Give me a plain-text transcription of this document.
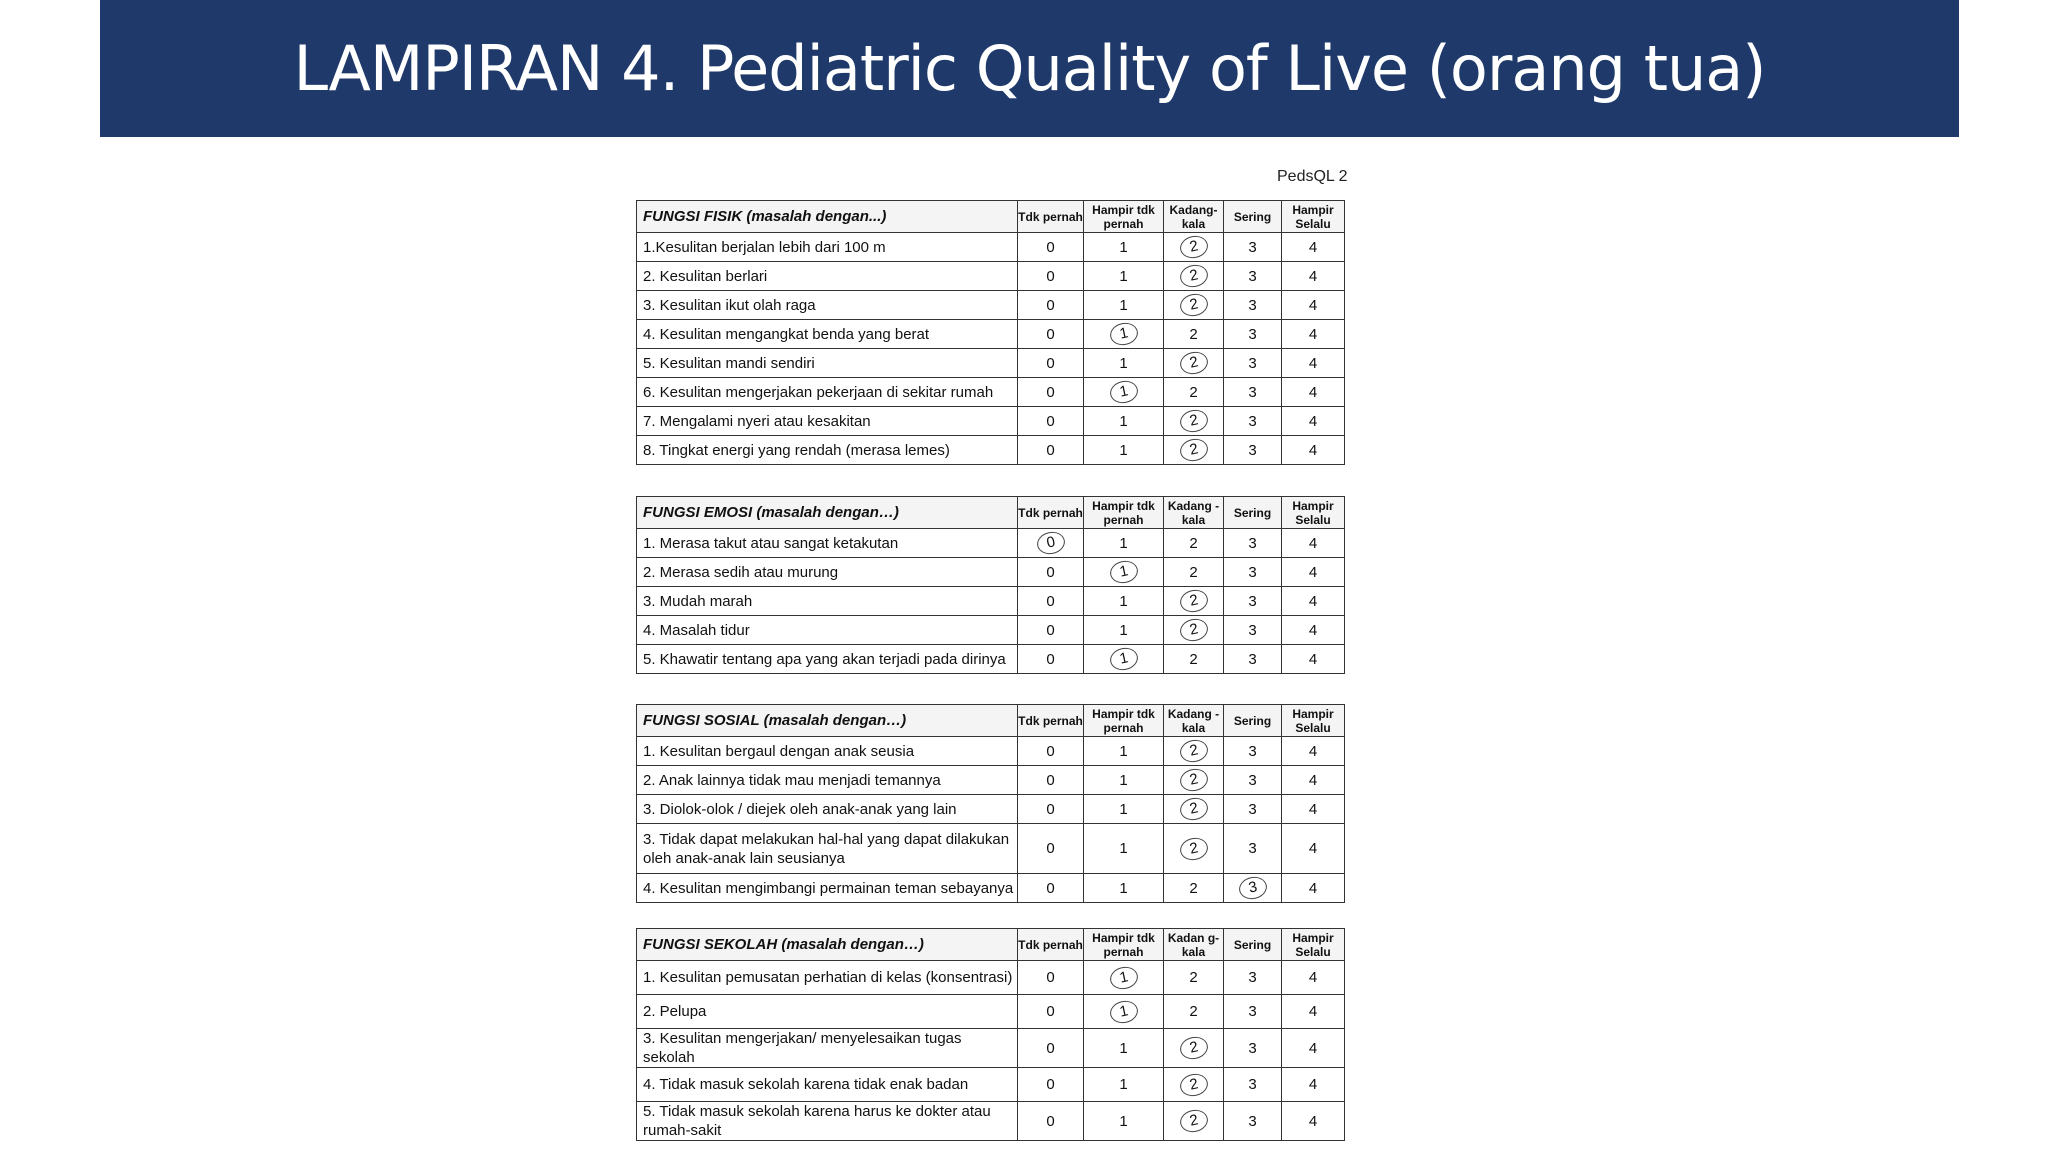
LAMPIRAN 4. Pediatric Quality of Live (orang tua)
PedsQL 2
FUNGSI FISIK (masalah dengan...)	Tdk pernah	Hampir tdk pernah	Kadang-kala	Sering	Hampir Selalu
1.Kesulitan berjalan lebih dari 100 m	0	1	2	3	4
2. Kesulitan berlari	0	1	2	3	4
3. Kesulitan ikut olah raga	0	1	2	3	4
4. Kesulitan mengangkat benda yang berat	0	1	2	3	4
5. Kesulitan mandi sendiri	0	1	2	3	4
6. Kesulitan mengerjakan pekerjaan di sekitar rumah	0	1	2	3	4
7. Mengalami nyeri atau kesakitan	0	1	2	3	4
8. Tingkat energi yang rendah (merasa lemes)	0	1	2	3	4
FUNGSI EMOSI (masalah dengan…)	Tdk pernah	Hampir tdk pernah	Kadang -kala	Sering	Hampir Selalu
1. Merasa takut atau sangat ketakutan	0	1	2	3	4
2. Merasa sedih atau murung	0	1	2	3	4
3. Mudah marah	0	1	2	3	4
4. Masalah tidur	0	1	2	3	4
5. Khawatir tentang apa yang akan terjadi pada dirinya	0	1	2	3	4
FUNGSI SOSIAL (masalah dengan…)	Tdk pernah	Hampir tdk pernah	Kadang -kala	Sering	Hampir Selalu
1. Kesulitan bergaul dengan anak seusia	0	1	2	3	4
2. Anak lainnya tidak mau menjadi temannya	0	1	2	3	4
3. Diolok-olok / diejek oleh anak-anak yang lain	0	1	2	3	4
3. Tidak dapat melakukan hal-hal yang dapat dilakukan oleh anak-anak lain seusianya	0	1	2	3	4
4. Kesulitan mengimbangi permainan teman sebayanya	0	1	2	3	4
FUNGSI SEKOLAH (masalah dengan…)	Tdk pernah	Hampir tdk pernah	Kadan g-kala	Sering	Hampir Selalu
1. Kesulitan pemusatan perhatian di kelas (konsentrasi)	0	1	2	3	4
2. Pelupa	0	1	2	3	4
3. Kesulitan mengerjakan/ menyelesaikan tugas sekolah	0	1	2	3	4
4. Tidak masuk sekolah karena tidak enak badan	0	1	2	3	4
5. Tidak masuk sekolah karena harus ke dokter atau rumah-sakit	0	1	2	3	4
